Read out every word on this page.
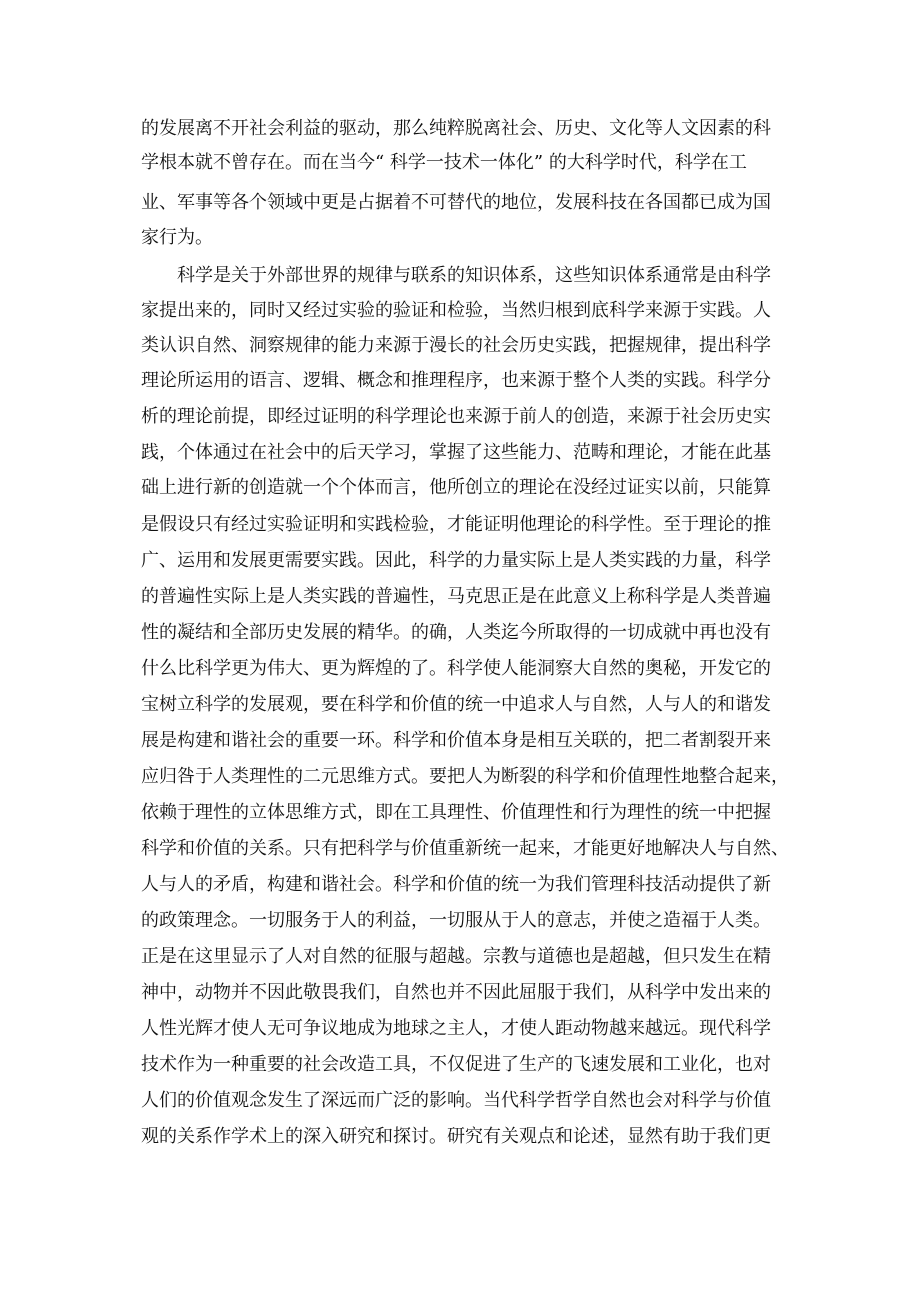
的发展离不开社会利益的驱动，那么纯粹脱离社会、历史、文化等人文因素的科
学根本就不曾存在。而在当今“ 科学一技术一体化” 的大科学时代，科学在工
业、军事等各个领域中更是占据着不可替代的地位，发展科技在各国都已成为国
家行为。
科学是关于外部世界的规律与联系的知识体系，这些知识体系通常是由科学
家提出来的，同时又经过实验的验证和检验，当然归根到底科学来源于实践。人
类认识自然、洞察规律的能力来源于漫长的社会历史实践，把握规律，提出科学
理论所运用的语言、逻辑、概念和推理程序，也来源于整个人类的实践。科学分
析的理论前提，即经过证明的科学理论也来源于前人的创造，来源于社会历史实
践，个体通过在社会中的后天学习，掌握了这些能力、范畴和理论，才能在此基
础上进行新的创造就一个个体而言，他所创立的理论在没经过证实以前，只能算
是假设只有经过实验证明和实践检验，才能证明他理论的科学性。至于理论的推
广、运用和发展更需要实践。因此，科学的力量实际上是人类实践的力量，科学
的普遍性实际上是人类实践的普遍性，马克思正是在此意义上称科学是人类普遍
性的凝结和全部历史发展的精华。的确，人类迄今所取得的一切成就中再也没有
什么比科学更为伟大、更为辉煌的了。科学使人能洞察大自然的奥秘，开发它的
宝树立科学的发展观，要在科学和价值的统一中追求人与自然，人与人的和谐发
展是构建和谐社会的重要一环。科学和价值本身是相互关联的，把二者割裂开来
应归咎于人类理性的二元思维方式。要把人为断裂的科学和价值理性地整合起来，
依赖于理性的立体思维方式，即在工具理性、价值理性和行为理性的统一中把握
科学和价值的关系。只有把科学与价值重新统一起来，才能更好地解决人与自然、
人与人的矛盾，构建和谐社会。科学和价值的统一为我们管理科技活动提供了新
的政策理念。一切服务于人的利益，一切服从于人的意志，并使之造福于人类。
正是在这里显示了人对自然的征服与超越。宗教与道德也是超越，但只发生在精
神中，动物并不因此敬畏我们，自然也并不因此屈服于我们，从科学中发出来的
人性光辉才使人无可争议地成为地球之主人，才使人距动物越来越远。现代科学
技术作为一种重要的社会改造工具，不仅促进了生产的飞速发展和工业化，也对
人们的价值观念发生了深远而广泛的影响。当代科学哲学自然也会对科学与价值
观的关系作学术上的深入研究和探讨。研究有关观点和论述，显然有助于我们更
